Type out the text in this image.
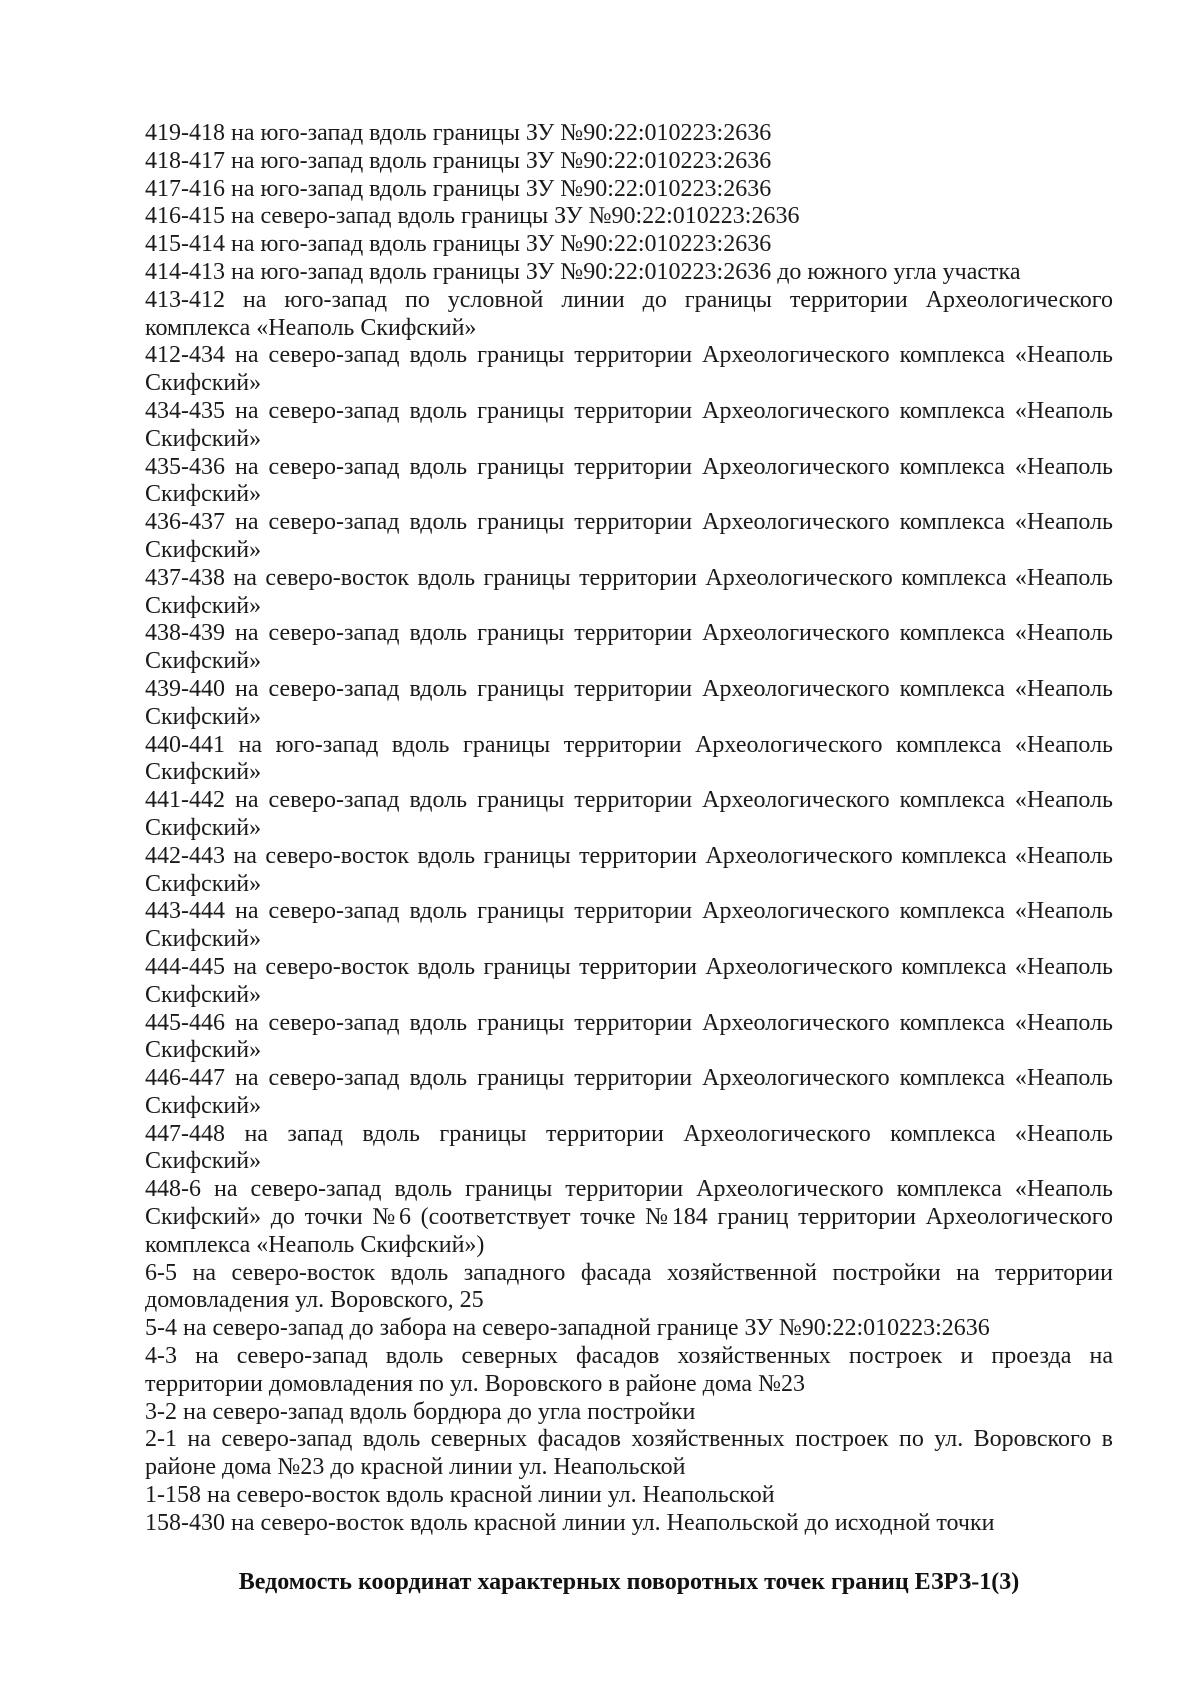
419-418 на юго-запад вдоль границы ЗУ №90:22:010223:2636

418-417 на юго-запад вдоль границы ЗУ №90:22:010223:2636

417-416 на юго-запад вдоль границы ЗУ №90:22:010223:2636

416-415 на северо-запад вдоль границы ЗУ №90:22:010223:2636

415-414 на юго-запад вдоль границы ЗУ №90:22:010223:2636

414-413 на юго-запад вдоль границы ЗУ №90:22:010223:2636 до южного угла участка

413-412 на юго-запад по условной линии до границы территории Археологического комплекса «Неаполь Скифский»

412-434 на северо-запад вдоль границы территории Археологического комплекса «Неаполь Скифский»

434-435 на северо-запад вдоль границы территории Археологического комплекса «Неаполь Скифский»

435-436 на северо-запад вдоль границы территории Археологического комплекса «Неаполь Скифский»

436-437 на северо-запад вдоль границы территории Археологического комплекса «Неаполь Скифский»

437-438 на северо-восток вдоль границы территории Археологического комплекса «Неаполь Скифский»

438-439 на северо-запад вдоль границы территории Археологического комплекса «Неаполь Скифский»

439-440 на северо-запад вдоль границы территории Археологического комплекса «Неаполь Скифский»

440-441 на юго-запад вдоль границы территории Археологического комплекса «Неаполь Скифский»

441-442 на северо-запад вдоль границы территории Археологического комплекса «Неаполь Скифский»

442-443 на северо-восток вдоль границы территории Археологического комплекса «Неаполь Скифский»

443-444 на северо-запад вдоль границы территории Археологического комплекса «Неаполь Скифский»

444-445 на северо-восток вдоль границы территории Археологического комплекса «Неаполь Скифский»

445-446 на северо-запад вдоль границы территории Археологического комплекса «Неаполь Скифский»

446-447 на северо-запад вдоль границы территории Археологического комплекса «Неаполь Скифский»

447-448 на запад вдоль границы территории Археологического комплекса «Неаполь Скифский»

448-6 на северо-запад вдоль границы территории Археологического комплекса «Неаполь Скифский» до точки №6 (соответствует точке №184 границ территории Археологического комплекса «Неаполь Скифский»)

6-5 на северо-восток вдоль западного фасада хозяйственной постройки на территории домовладения ул. Воровского, 25

5-4 на северо-запад до забора на северо-западной границе ЗУ №90:22:010223:2636

4-3 на северо-запад вдоль северных фасадов хозяйственных построек и проезда на территории домовладения по ул. Воровского в районе дома №23

3-2 на северо-запад вдоль бордюра до угла постройки

2-1 на северо-запад вдоль северных фасадов хозяйственных построек по ул. Воровского в районе дома №23 до красной линии ул. Неапольской

1-158 на северо-восток вдоль красной линии ул. Неапольской

158-430 на северо-восток вдоль красной линии ул. Неапольской до исходной точки

Ведомость координат характерных поворотных точек границ ЕЗРЗ-1(3)
